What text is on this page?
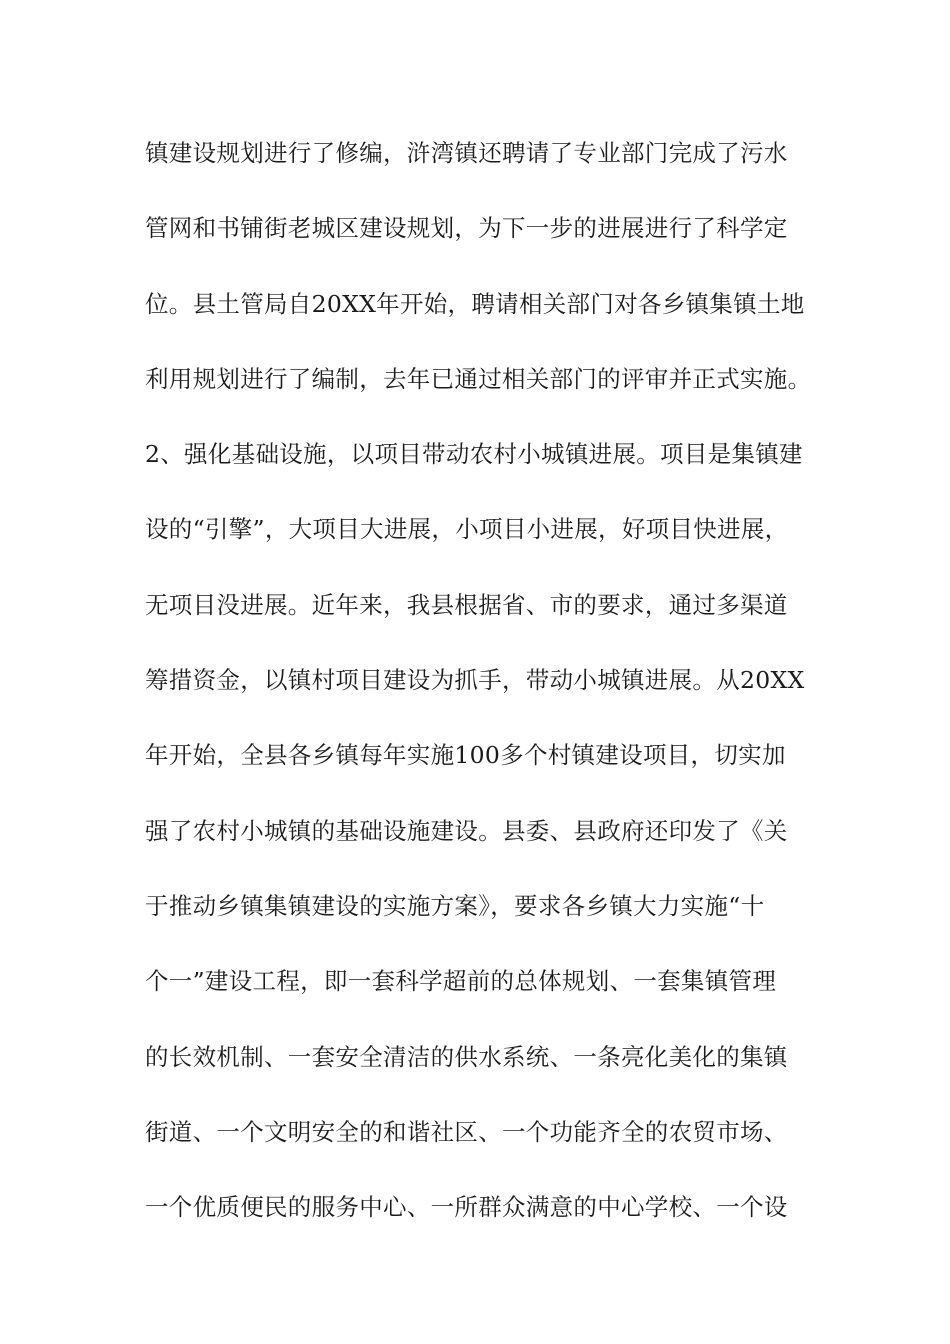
镇建设规划进行了修编，浒湾镇还聘请了专业部门完成了污水
管网和书铺街老城区建设规划，为下一步的进展进行了科学定
位。县土管局自20XX年开始，聘请相关部门对各乡镇集镇土地
利用规划进行了编制，去年已通过相关部门的评审并正式实施。
2、强化基础设施，以项目带动农村小城镇进展。项目是集镇建
设的“引擎”，大项目大进展，小项目小进展，好项目快进展，
无项目没进展。近年来，我县根据省、市的要求，通过多渠道
筹措资金，以镇村项目建设为抓手，带动小城镇进展。从20XX
年开始，全县各乡镇每年实施100多个村镇建设项目，切实加
强了农村小城镇的基础设施建设。县委、县政府还印发了《关
于推动乡镇集镇建设的实施方案》，要求各乡镇大力实施“十
个一”建设工程，即一套科学超前的总体规划、一套集镇管理
的长效机制、一套安全清洁的供水系统、一条亮化美化的集镇
街道、一个文明安全的和谐社区、一个功能齐全的农贸市场、
一个优质便民的服务中心、一所群众满意的中心学校、一个设
